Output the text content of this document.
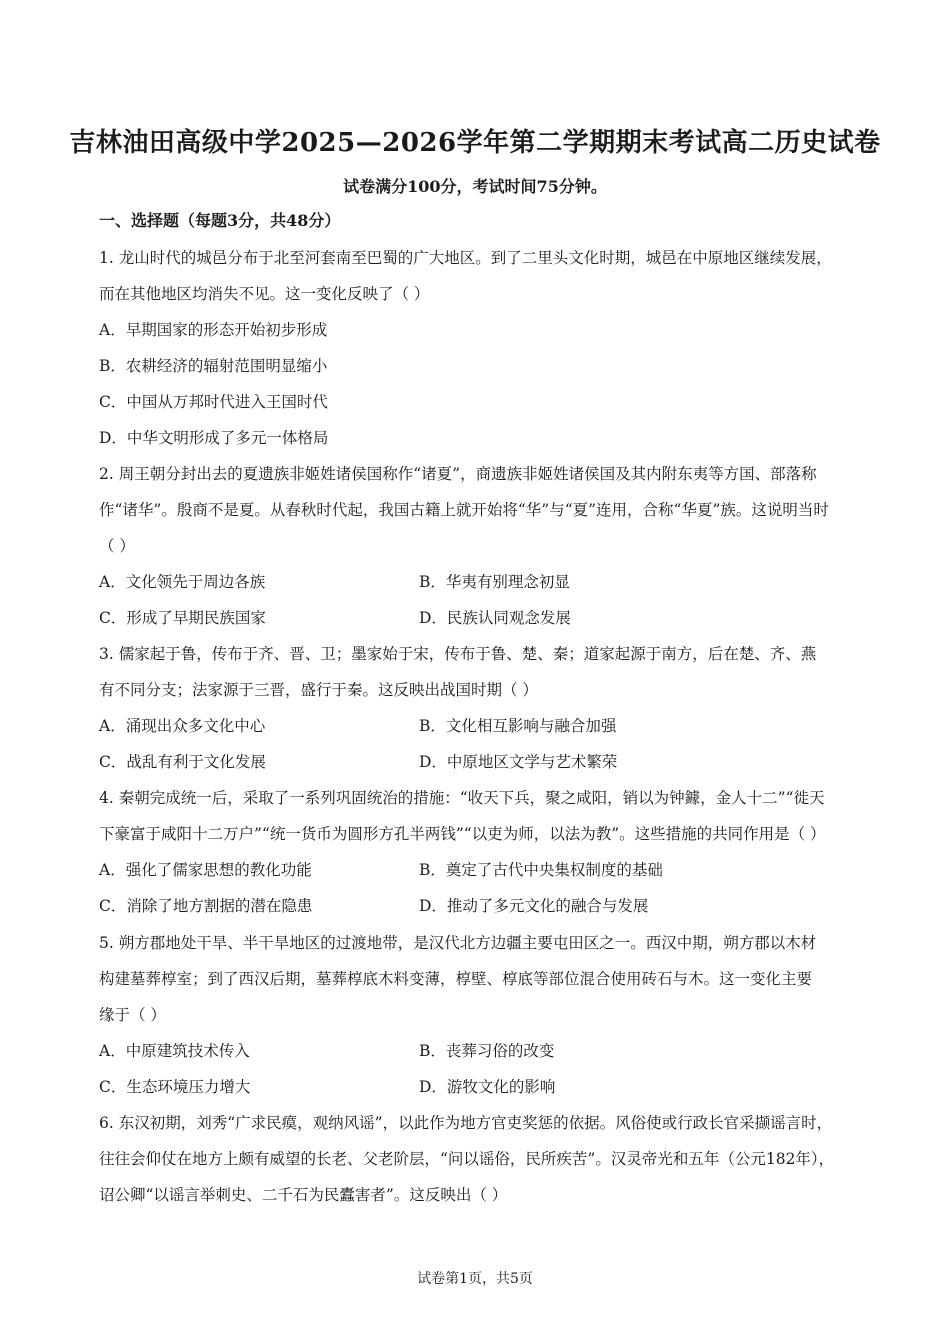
吉林油田高级中学2025—2026学年第二学期期末考试高二历史试卷
试卷满分100分，考试时间75分钟。
一、选择题（每题3分，共48分）
1. 龙山时代的城邑分布于北至河套南至巴蜀的广大地区。到了二里头文化时期，城邑在中原地区继续发展，
而在其他地区均消失不见。这一变化反映了（ ）
A．早期国家的形态开始初步形成
B．农耕经济的辐射范围明显缩小
C．中国从万邦时代进入王国时代
D．中华文明形成了多元一体格局
2. 周王朝分封出去的夏遗族非姬姓诸侯国称作“诸夏”，商遗族非姬姓诸侯国及其内附东夷等方国、部落称
作“诸华”。殷商不是夏。从春秋时代起，我国古籍上就开始将“华”与“夏”连用，合称“华夏”族。这说明当时
（ ）
A．文化领先于周边各族	B．华夷有别理念初显
C．形成了早期民族国家	D．民族认同观念发展
3. 儒家起于鲁，传布于齐、晋、卫；墨家始于宋，传布于鲁、楚、秦；道家起源于南方，后在楚、齐、燕
有不同分支；法家源于三晋，盛行于秦。这反映出战国时期（ ）
A．涌现出众多文化中心	B．文化相互影响与融合加强
C．战乱有利于文化发展	D．中原地区文学与艺术繁荣
4. 秦朝完成统一后，采取了一系列巩固统治的措施：“收天下兵，聚之咸阳，销以为钟鐻，金人十二”“徙天
下豪富于咸阳十二万户”“统一货币为圆形方孔半两钱”“以吏为师，以法为教”。这些措施的共同作用是（ ）
A．强化了儒家思想的教化功能	B．奠定了古代中央集权制度的基础
C．消除了地方割据的潜在隐患	D．推动了多元文化的融合与发展
5. 朔方郡地处干旱、半干旱地区的过渡地带，是汉代北方边疆主要屯田区之一。西汉中期，朔方郡以木材
构建墓葬椁室；到了西汉后期，墓葬椁底木料变薄，椁壁、椁底等部位混合使用砖石与木。这一变化主要
缘于（ ）
A．中原建筑技术传入	B．丧葬习俗的改变
C．生态环境压力增大	D．游牧文化的影响
6. 东汉初期，刘秀“广求民瘼，观纳风谣”，以此作为地方官吏奖惩的依据。风俗使或行政长官采撷谣言时，
往往会仰仗在地方上颇有威望的长老、父老阶层，“问以谣俗，民所疾苦”。汉灵帝光和五年（公元182年），
诏公卿“以谣言举刺史、二千石为民蠹害者”。这反映出（ ）
试卷第1页，共5页
